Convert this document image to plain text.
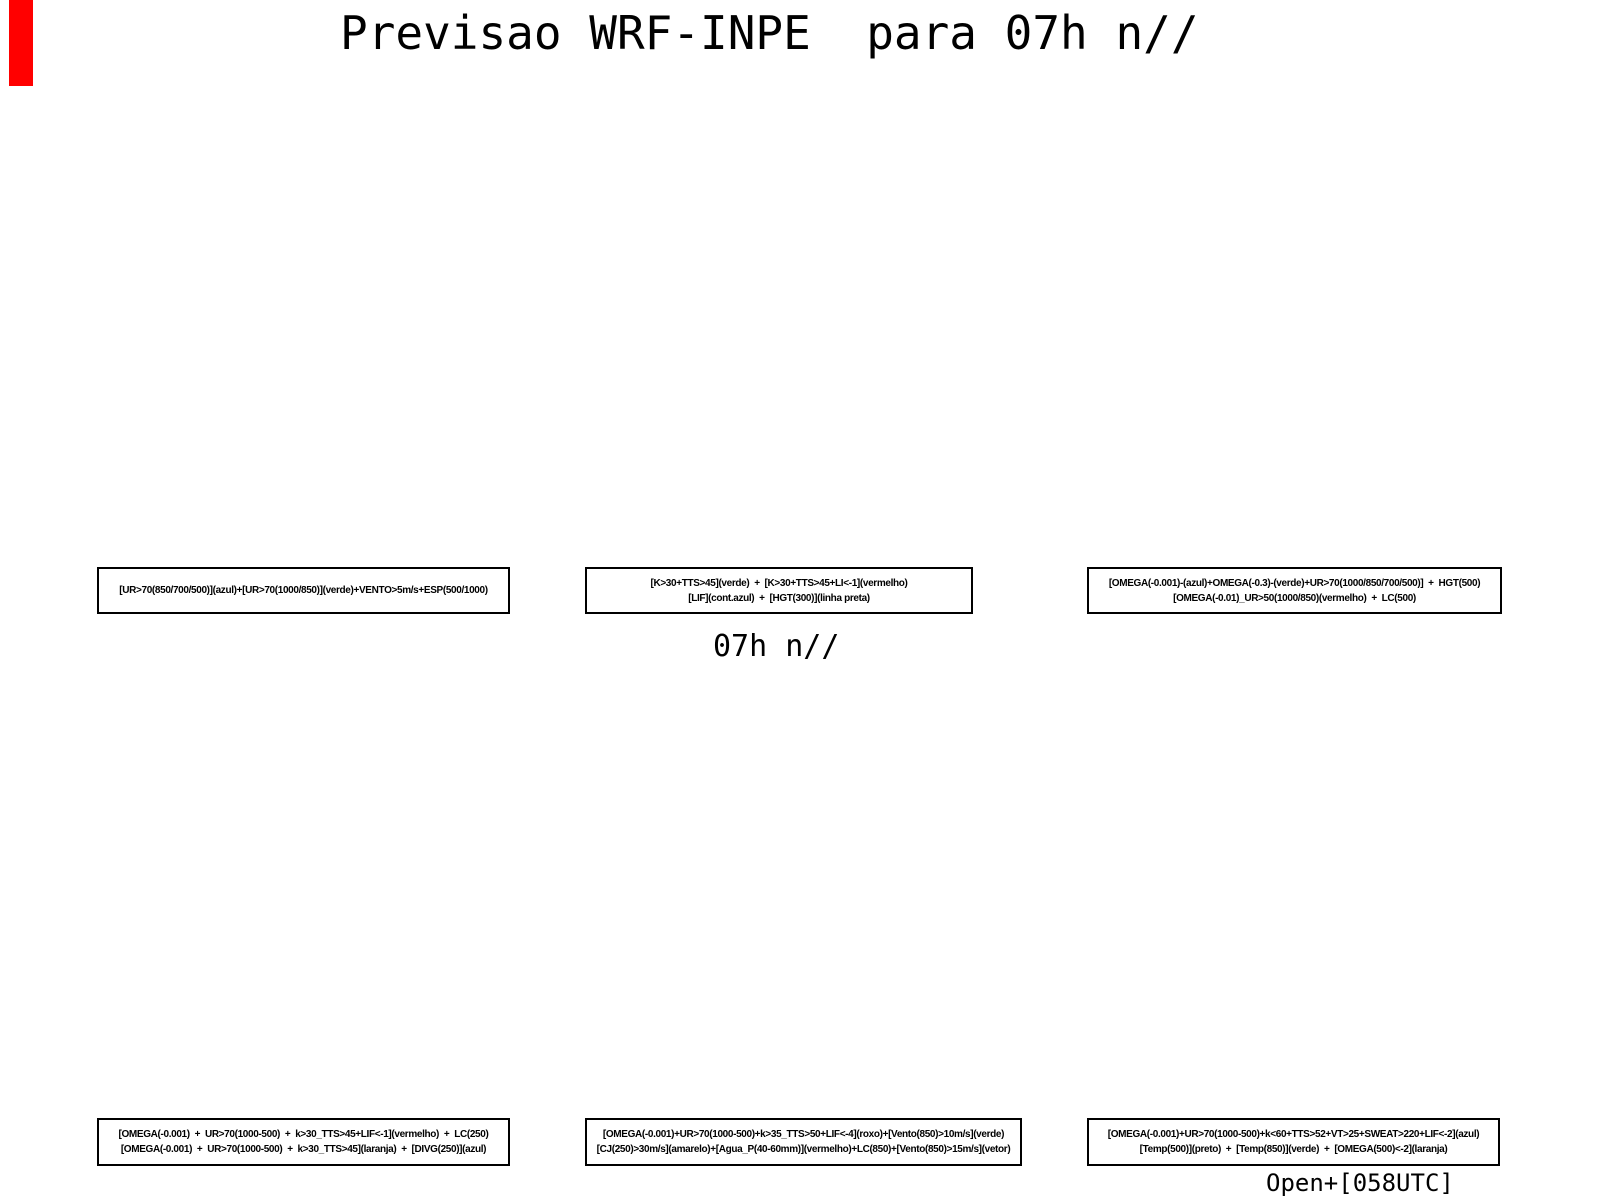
Previsao WRF-INPE  para 07h n//
[UR>70(850/700/500)](azul)+[UR>70(1000/850)](verde)+VENTO>5m/s+ESP(500/1000)
[K>30+TTS>45](verde)  +  [K>30+TTS>45+LI<-1](vermelho)
[LIF](cont.azul)  +  [HGT(300)](linha preta)
[OMEGA(-0.001)-(azul)+OMEGA(-0.3)-(verde)+UR>70(1000/850/700/500)]  +  HGT(500)
[OMEGA(-0.01)_UR>50(1000/850)(vermelho)  +  LC(500)
07h n//
[OMEGA(-0.001)  +  UR>70(1000-500)  +  k>30_TTS>45+LIF<-1](vermelho)  +  LC(250)
[OMEGA(-0.001)  +  UR>70(1000-500)  +  k>30_TTS>45](laranja)  +  [DIVG(250)](azul)
[OMEGA(-0.001)+UR>70(1000-500)+k>35_TTS>50+LIF<-4](roxo)+[Vento(850)>10m/s](verde)
[CJ(250)>30m/s](amarelo)+[Agua_P(40-60mm)](vermelho)+LC(850)+[Vento(850)>15m/s](vetor)
[OMEGA(-0.001)+UR>70(1000-500)+k<60+TTS>52+VT>25+SWEAT>220+LIF<-2](azul)
[Temp(500)](preto)  +  [Temp(850)](verde)  +  [OMEGA(500)<-2](laranja)
Open+[058UTC]
